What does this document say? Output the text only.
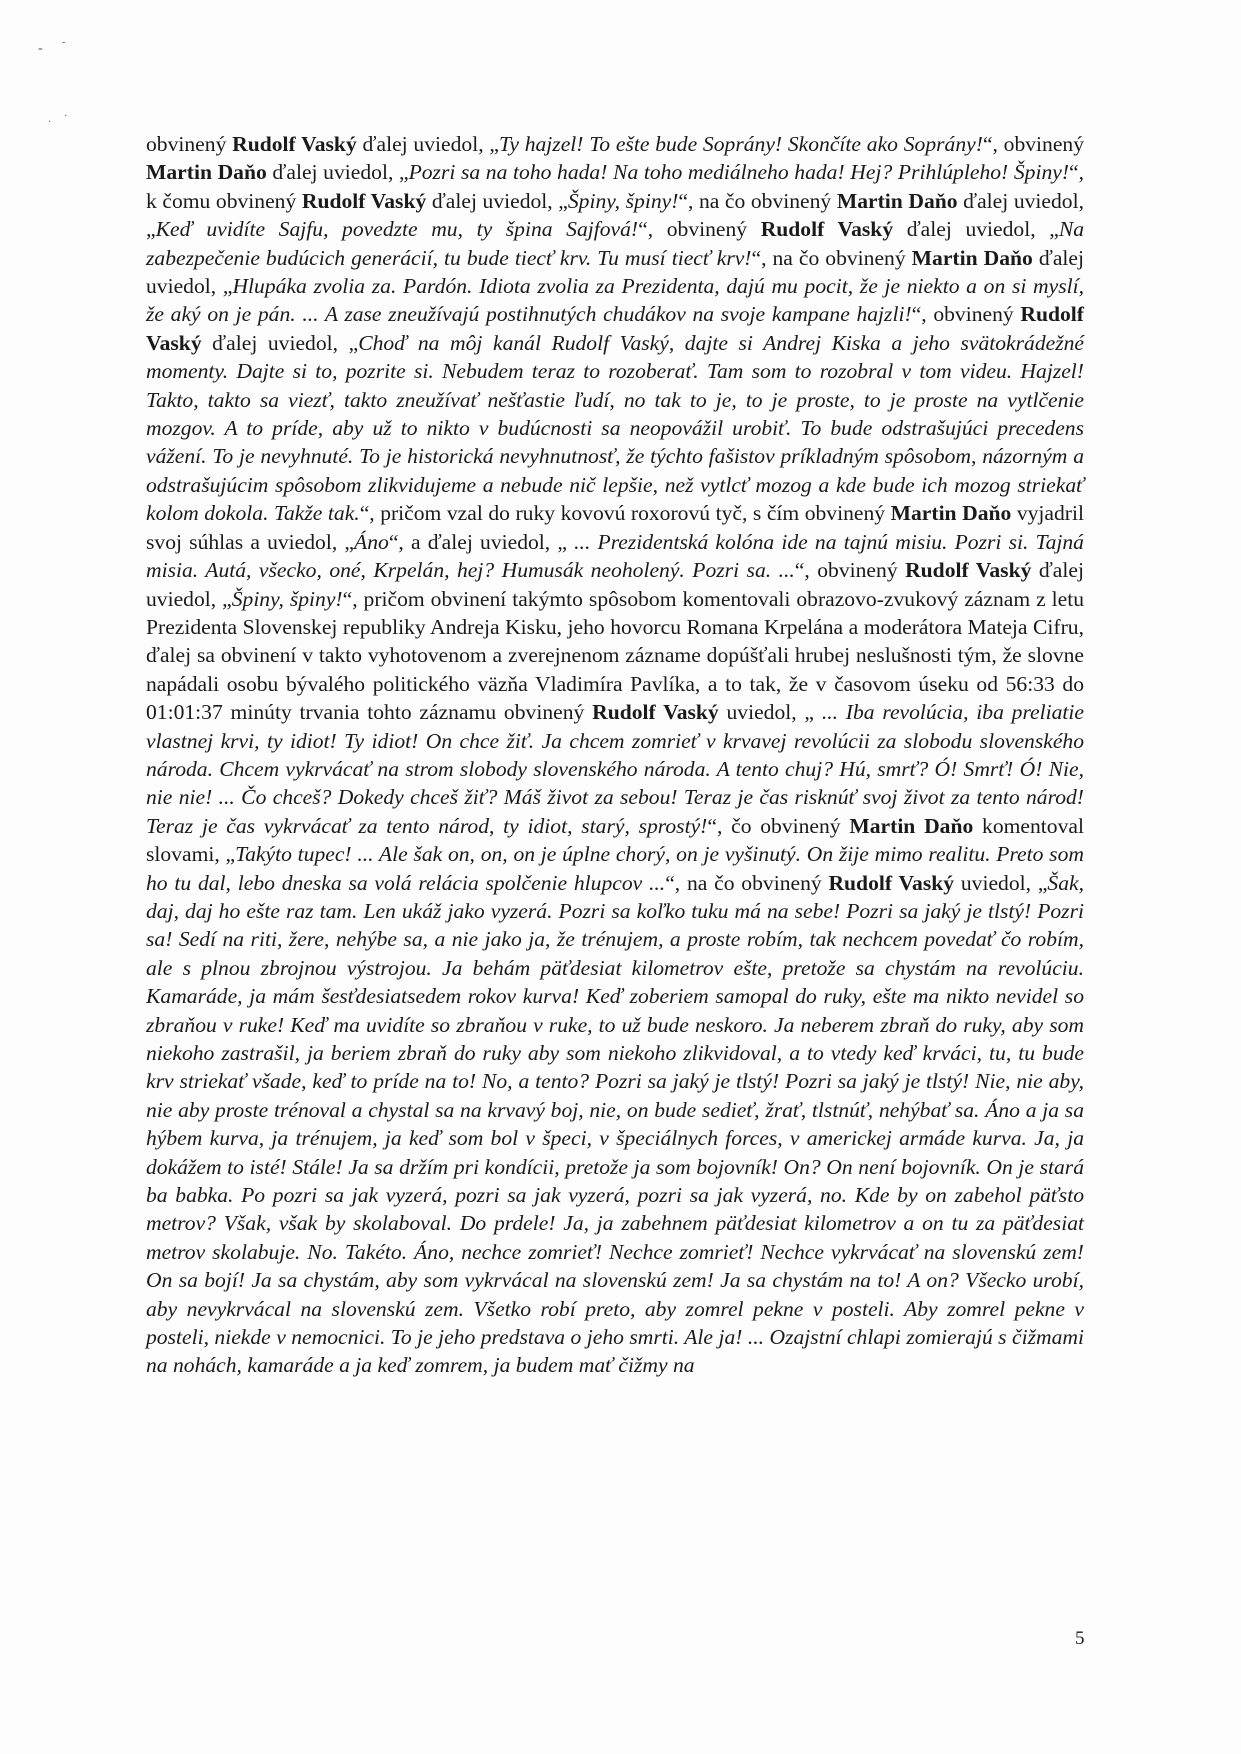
- -
·
·

obvinený Rudolf Vaský ďalej uviedol, „Ty hajzel! To ešte bude Soprány! Skončíte ako Soprány!“, obvinený Martin Daňo ďalej uviedol, „Pozri sa na toho hada! Na toho mediálneho hada! Hej? Prihlúpleho! Špiny!“, k čomu obvinený Rudolf Vaský ďalej uviedol, „Špiny, špiny!“, na čo obvinený Martin Daňo ďalej uviedol, „Keď uvidíte Sajfu, povedzte mu, ty špina Sajfová!“, obvinený Rudolf Vaský ďalej uviedol, „Na zabezpečenie budúcich generácií, tu bude tiecť krv. Tu musí tiecť krv!“, na čo obvinený Martin Daňo ďalej uviedol, „Hlupáka zvolia za. Pardón. Idiota zvolia za Prezidenta, dajú mu pocit, že je niekto a on si myslí, že aký on je pán. ... A zase zneužívajú postihnutých chudákov na svoje kampane hajzli!“, obvinený Rudolf Vaský ďalej uviedol, „Choď na môj kanál Rudolf Vaský, dajte si Andrej Kiska a jeho svätokrádežné momenty. Dajte si to, pozrite si. Nebudem teraz to rozoberať. Tam som to rozobral v tom videu. Hajzel! Takto, takto sa viezť, takto zneužívať nešťastie ľudí, no tak to je, to je proste, to je proste na vytlčenie mozgov. A to príde, aby už to nikto v budúcnosti sa neopovážil urobiť. To bude odstrašujúci precedens vážení. To je nevyhnuté. To je historická nevyhnutnosť, že týchto fašistov príkladným spôsobom, názorným a odstrašujúcim spôsobom zlikvidujeme a nebude nič lepšie, než vytlcť mozog a kde bude ich mozog striekať kolom dokola. Takže tak.“, pričom vzal do ruky kovovú roxorovú tyč, s čím obvinený Martin Daňo vyjadril svoj súhlas a uviedol, „Áno“, a ďalej uviedol, „ ... Prezidentská kolóna ide na tajnú misiu. Pozri si. Tajná misia. Autá, všecko, oné, Krpelán, hej? Humusák neoholený. Pozri sa. ...“, obvinený Rudolf Vaský ďalej uviedol, „Špiny, špiny!“, pričom obvinení takýmto spôsobom komentovali obrazovo-zvukový záznam z letu Prezidenta Slovenskej republiky Andreja Kisku, jeho hovorcu Romana Krpelána a moderátora Mateja Cifru, ďalej sa obvinení v takto vyhotovenom a zverejnenom zázname dopúšťali hrubej neslušnosti tým, že slovne napádali osobu bývalého politického väzňa Vladimíra Pavlíka, a to tak, že v časovom úseku od 56:33 do 01:01:37 minúty trvania tohto záznamu obvinený Rudolf Vaský uviedol, „ ... Iba revolúcia, iba preliatie vlastnej krvi, ty idiot! Ty idiot! On chce žiť. Ja chcem zomrieť v krvavej revolúcii za slobodu slovenského národa. Chcem vykrvácať na strom slobody slovenského národa. A tento chuj? Hú, smrť? Ó! Smrť! Ó! Nie, nie nie! ... Čo chceš? Dokedy chceš žiť? Máš život za sebou! Teraz je čas risknúť svoj život za tento národ! Teraz je čas vykrvácať za tento národ, ty idiot, starý, sprostý!“, čo obvinený Martin Daňo komentoval slovami, „Takýto tupec! ... Ale šak on, on, on je úplne chorý, on je vyšinutý. On žije mimo realitu. Preto som ho tu dal, lebo dneska sa volá relácia spolčenie hlupcov ...“, na čo obvinený Rudolf Vaský uviedol, „Šak, daj, daj ho ešte raz tam. Len ukáž jako vyzerá. Pozri sa koľko tuku má na sebe! Pozri sa jaký je tlstý! Pozri sa! Sedí na riti, žere, nehýbe sa, a nie jako ja, že trénujem, a proste robím, tak nechcem povedať čo robím, ale s plnou zbrojnou výstrojou. Ja behám päťdesiat kilometrov ešte, pretože sa chystám na revolúciu. Kamaráde, ja mám šesťdesiatsedem rokov kurva! Keď zoberiem samopal do ruky, ešte ma nikto nevidel so zbraňou v ruke! Keď ma uvidíte so zbraňou v ruke, to už bude neskoro. Ja neberem zbraň do ruky, aby som niekoho zastrašil, ja beriem zbraň do ruky aby som niekoho zlikvidoval, a to vtedy keď krváci, tu, tu bude krv striekať všade, keď to príde na to! No, a tento? Pozri sa jaký je tlstý! Pozri sa jaký je tlstý! Nie, nie aby, nie aby proste trénoval a chystal sa na krvavý boj, nie, on bude sedieť, žrať, tlstnúť, nehýbať sa. Áno a ja sa hýbem kurva, ja trénujem, ja keď som bol v špeci, v špeciálnych forces, v americkej armáde kurva. Ja, ja dokážem to isté! Stále! Ja sa držím pri kondícii, pretože ja som bojovník! On? On není bojovník. On je stará ba babka. Po pozri sa jak vyzerá, pozri sa jak vyzerá, pozri sa jak vyzerá, no. Kde by on zabehol päťsto metrov? Však, však by skolaboval. Do prdele! Ja, ja zabehnem päťdesiat kilometrov a on tu za päťdesiat metrov skolabuje. No. Takéto. Áno, nechce zomrieť! Nechce zomrieť! Nechce vykrvácať na slovenskú zem! On sa bojí! Ja sa chystám, aby som vykrvácal na slovenskú zem! Ja sa chystám na to! A on? Všecko urobí, aby nevykrvácal na slovenskú zem. Všetko robí preto, aby zomrel pekne v posteli. Aby zomrel pekne v posteli, niekde v nemocnici. To je jeho predstava o jeho smrti. Ale ja! ... Ozajstní chlapi zomierajú s čižmami na nohách, kamaráde a ja keď zomrem, ja budem mať čižmy na

5
